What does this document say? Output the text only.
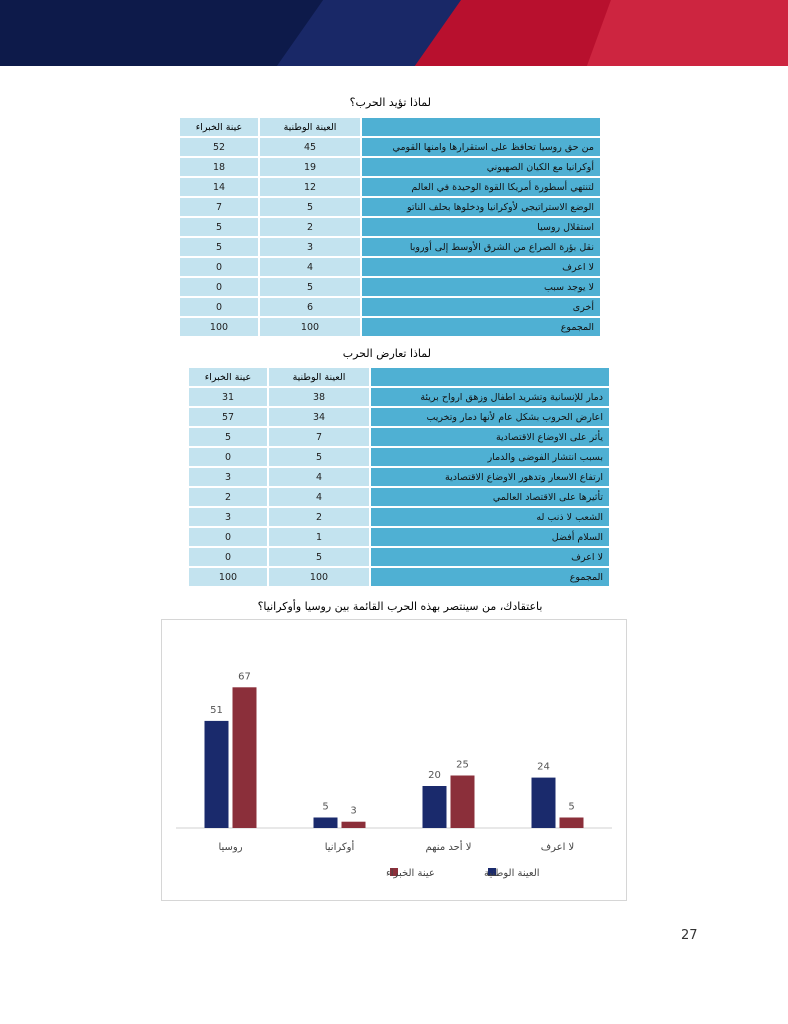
لماذا تؤيد الحرب؟
عينة الخبراء	العينة الوطنية	
52	45	من حق روسيا تحافظ على استقرارها وامنها القومي
18	19	أوكرانيا مع الكيان الصهيوني
14	12	لتنتهي أسطورة أمريكا القوة الوحيدة في العالم
7	5	الوضع الاستراتيجي لأوكرانيا ودخلوها بحلف الناتو
5	2	استقلال روسيا
5	3	نقل بؤرة الصراع من الشرق الأوسط إلى أوروبا
0	4	لا اعرف
0	5	لا يوجد سبب
0	6	أخرى
100	100	المجموع
لماذا تعارض الحرب
عينة الخبراء	العينة الوطنية	
31	38	دمار للإنسانية وتشريد اطفال وزهق ارواح بريئة
57	34	اعارض الحروب بشكل عام لأنها دمار وتخريب
5	7	يأثر على الاوضاع الاقتصادية
0	5	بسبب انتشار الفوضى والدمار
3	4	ارتفاع الاسعار وتدهور الاوضاع الاقتصادية
2	4	تأثيرها على الاقتصاد العالمي
3	2	الشعب لا ذنب له
0	1	السلام أفضل
0	5	لا اعرف
100	100	المجموع
باعتقادك، من سينتصر بهذه الحرب القائمة بين روسيا وأوكرانيا؟
51
67
روسيا
5 3
أوكرانيا
20
25
لا أحد منهم
24
5
لا اعرف
العينة الوطنية
عينة الخبراء
27
